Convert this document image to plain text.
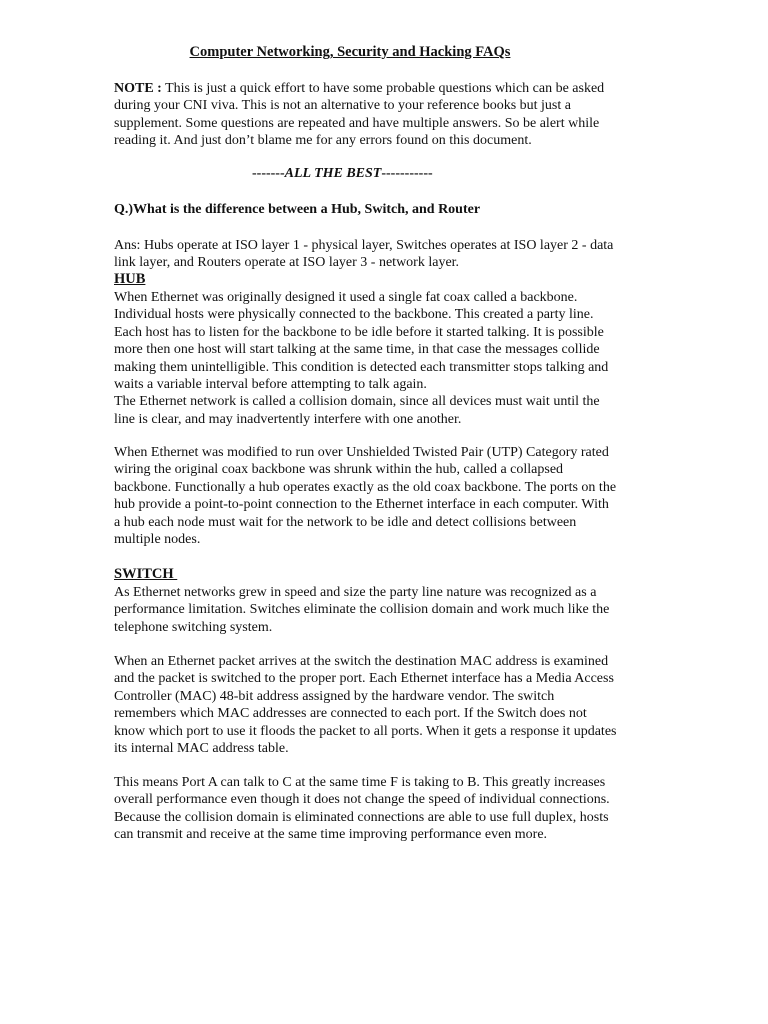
Computer Networking, Security and Hacking FAQs

NOTE : This is just a quick effort to have some probable questions which can be asked
during your CNI viva. This is not an alternative to your reference books but just a
supplement. Some questions are repeated and have multiple answers. So be alert while
reading it. And just don’t blame me for any errors found on this document.

-------ALL THE BEST-----------
Q.)What is the difference between a Hub, Switch, and Router

Ans: Hubs operate at ISO layer 1 - physical layer, Switches operates at ISO layer 2 - data
link layer, and Routers operate at ISO layer 3 - network layer.

HUB

When Ethernet was originally designed it used a single fat coax called a backbone.
Individual hosts were physically connected to the backbone. This created a party line.
Each host has to listen for the backbone to be idle before it started talking. It is possible
more then one host will start talking at the same time, in that case the messages collide
making them unintelligible. This condition is detected each transmitter stops talking and
waits a variable interval before attempting to talk again.
The Ethernet network is called a collision domain, since all devices must wait until the
line is clear, and may inadvertently interfere with one another.

When Ethernet was modified to run over Unshielded Twisted Pair (UTP) Category rated
wiring the original coax backbone was shrunk within the hub, called a collapsed
backbone. Functionally a hub operates exactly as the old coax backbone. The ports on the
hub provide a point-to-point connection to the Ethernet interface in each computer. With
a hub each node must wait for the network to be idle and detect collisions between
multiple nodes.

SWITCH

As Ethernet networks grew in speed and size the party line nature was recognized as a
performance limitation. Switches eliminate the collision domain and work much like the
telephone switching system.

When an Ethernet packet arrives at the switch the destination MAC address is examined
and the packet is switched to the proper port. Each Ethernet interface has a Media Access
Controller (MAC) 48-bit address assigned by the hardware vendor. The switch
remembers which MAC addresses are connected to each port. If the Switch does not
know which port to use it floods the packet to all ports. When it gets a response it updates
its internal MAC address table.

This means Port A can talk to C at the same time F is taking to B. This greatly increases
overall performance even though it does not change the speed of individual connections.
Because the collision domain is eliminated connections are able to use full duplex, hosts
can transmit and receive at the same time improving performance even more.
